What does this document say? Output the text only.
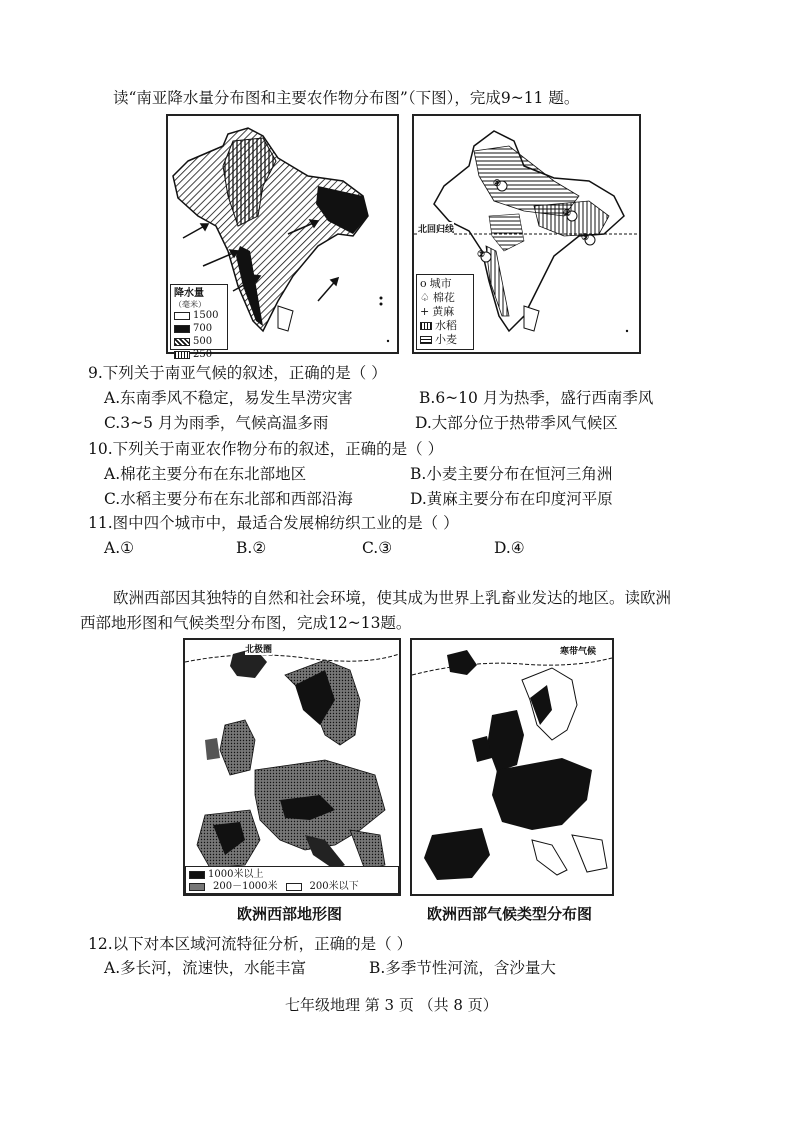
读“南亚降水量分布图和主要农作物分布图”（下图），完成9~11 题。
降水量
（毫米）
1500
700
500
250
北回归线
①
②
③
④
o 城市
♤ 棉花
+ 黄麻
水稻
小麦
9.下列关于南亚气候的叙述，正确的是（ ）
A.东南季风不稳定，易发生旱涝灾害	B.6~10 月为热季，盛行西南季风
C.3~5 月为雨季，气候高温多雨	D.大部分位于热带季风气候区
10.下列关于南亚农作物分布的叙述，正确的是（ ）
A.棉花主要分布在东北部地区	B.小麦主要分布在恒河三角洲
C.水稻主要分布在东北部和西部沿海	D.黄麻主要分布在印度河平原
11.图中四个城市中，最适合发展棉纺织工业的是（ ）
A.①	B.②	C.③	D.④
欧洲西部因其独特的自然和社会环境，使其成为世界上乳畜业发达的地区。读欧洲
西部地形图和气候类型分布图，完成12~13题。
北极圈
1000米以上
200－1000米	200米以下
欧洲西部地形图
寒带气候
欧洲西部气候类型分布图
12.以下对本区域河流特征分析，正确的是（ ）
A.多长河，流速快，水能丰富	B.多季节性河流，含沙量大
七年级地理 第 3 页 （共 8 页）
